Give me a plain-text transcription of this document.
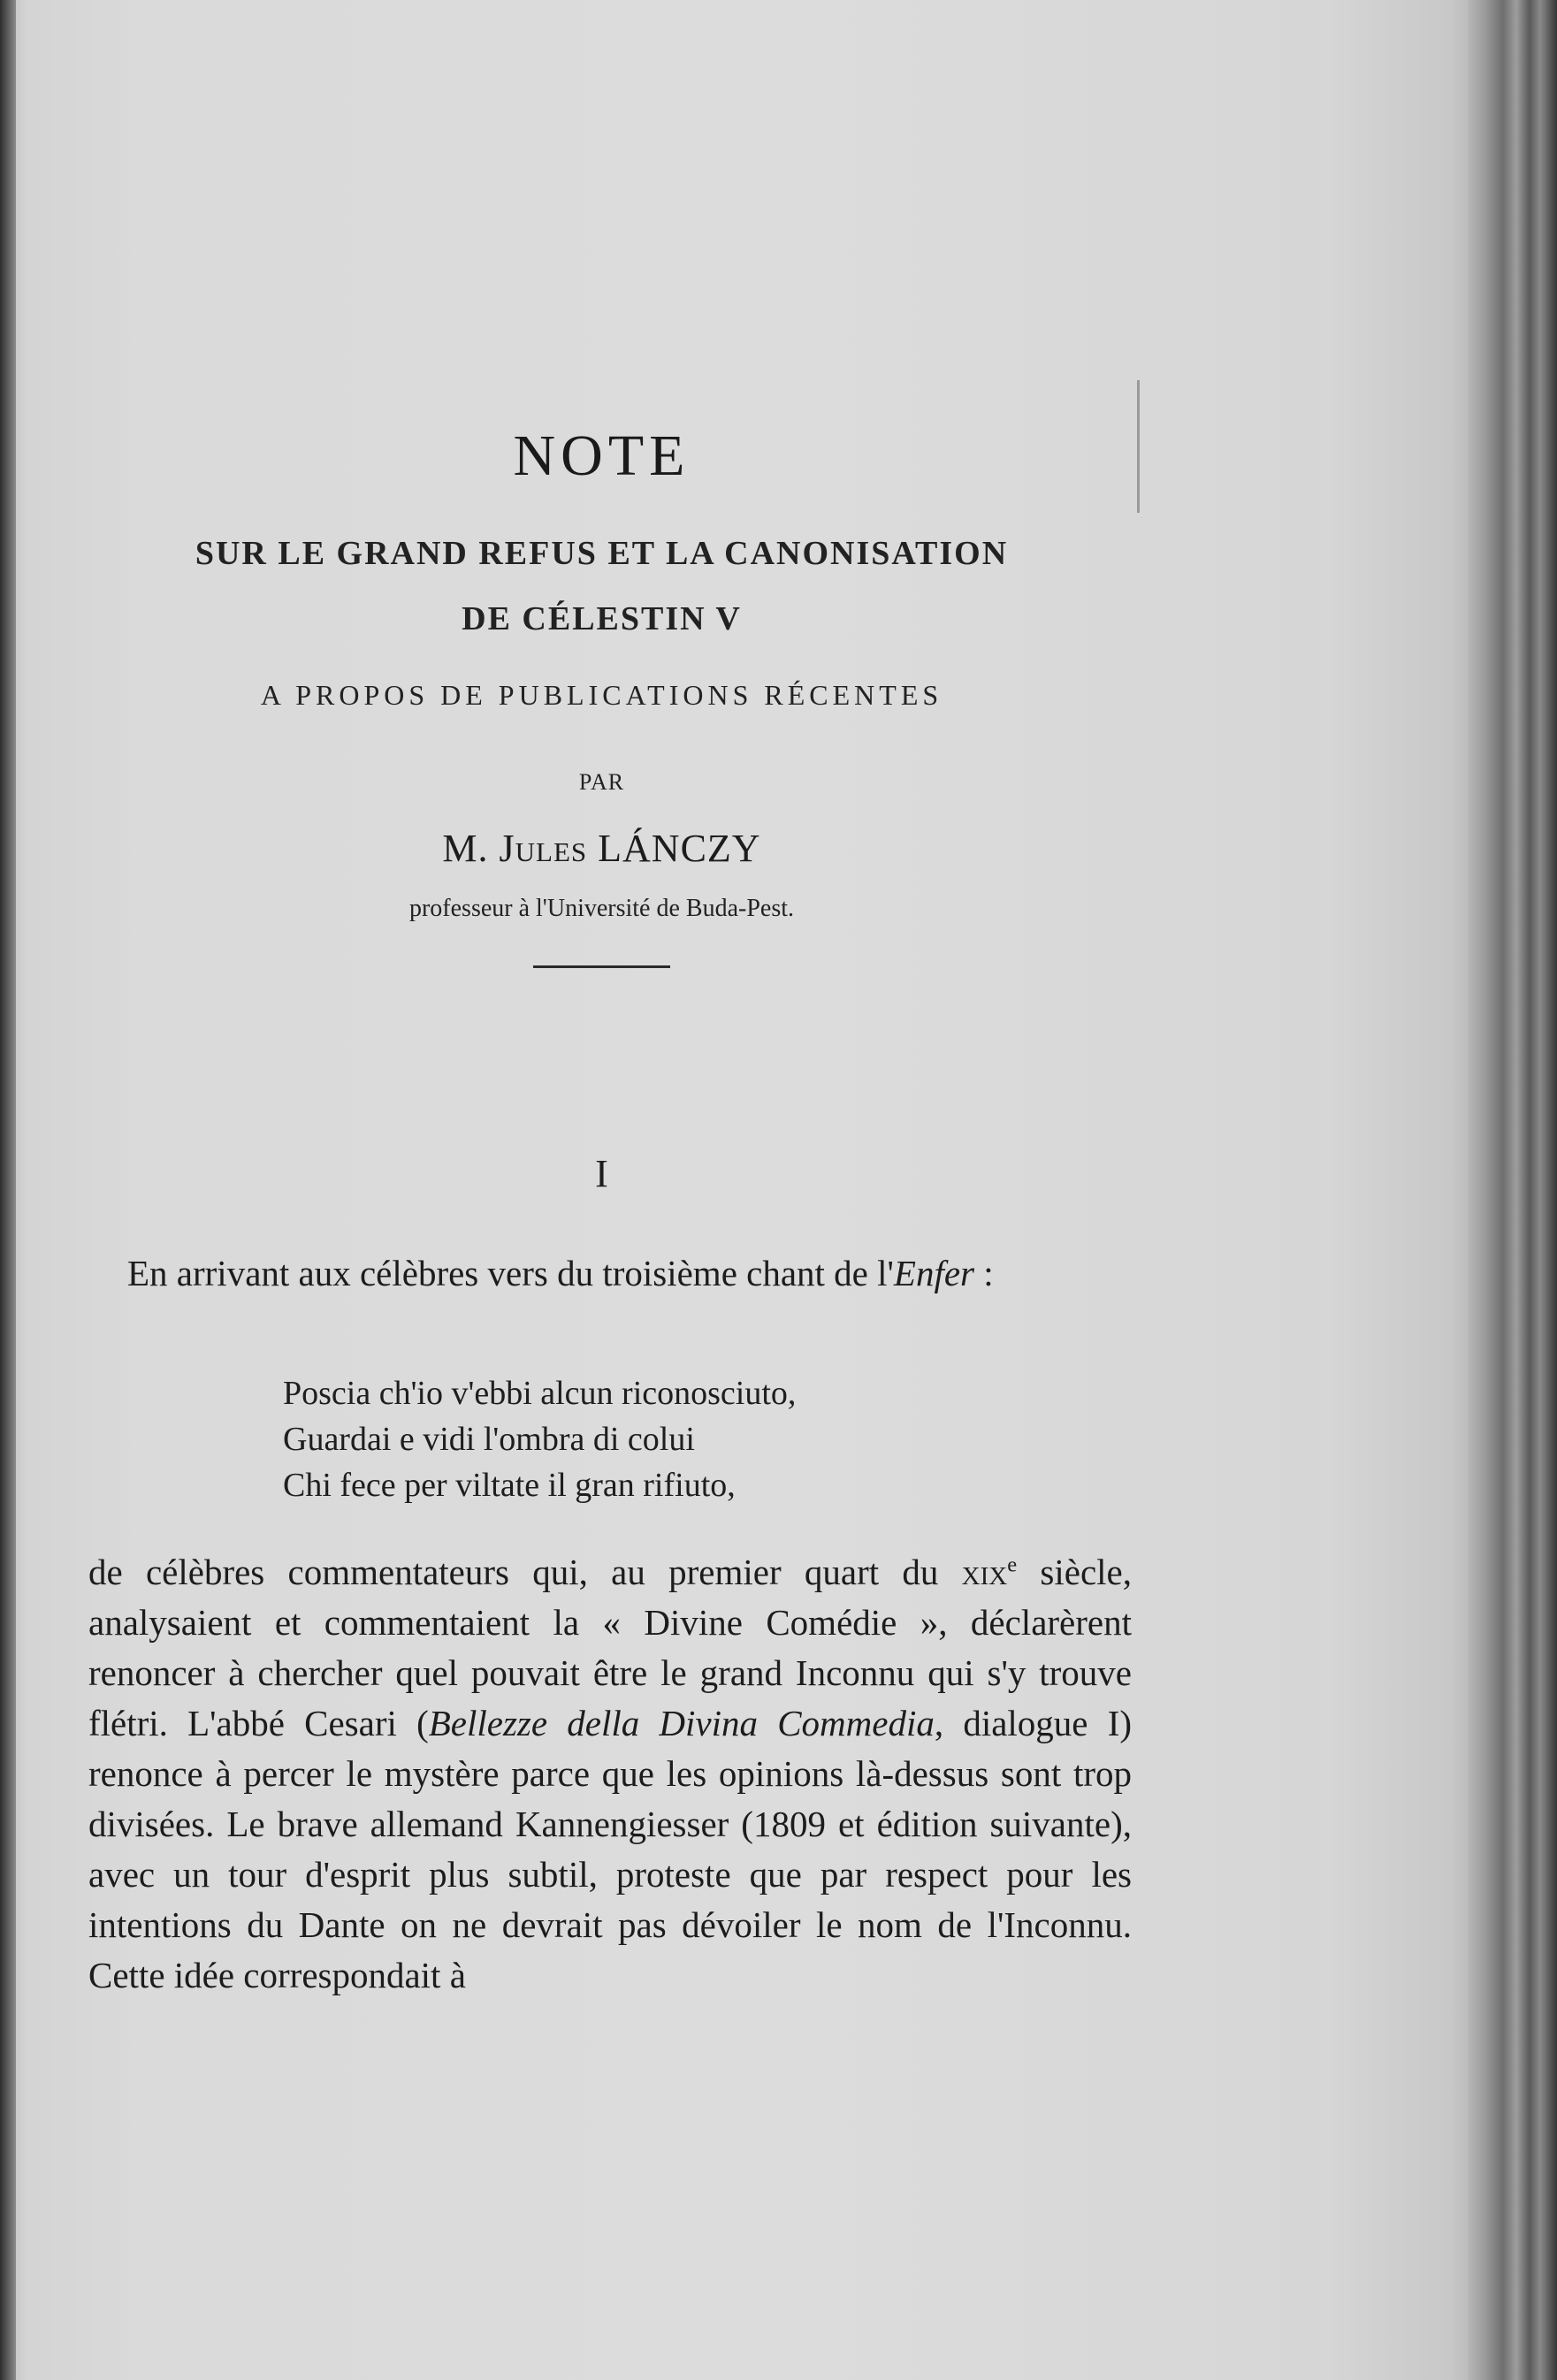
NOTE
SUR LE GRAND REFUS ET LA CANONISATION
DE CÉLESTIN V
A PROPOS DE PUBLICATIONS RÉCENTES
PAR
M. Jules LÁNCZY
professeur à l'Université de Buda-Pest.
I
En arrivant aux célèbres vers du troisième chant de l'Enfer :
Poscia ch'io v'ebbi alcun riconosciuto,
Guardai e vidi l'ombra di colui
Chi fece per viltate il gran rifiuto,
de célèbres commentateurs qui, au premier quart du xix$^e$ siècle, analysaient et commentaient la « Divine Comédie », déclarèrent renoncer à chercher quel pouvait être le grand Inconnu qui s'y trouve flétri. L'abbé Cesari (Bellezze della Divina Commedia, dialogue I) renonce à percer le mystère parce que les opinions là-dessus sont trop divisées. Le brave allemand Kannengiesser (1809 et édition suivante), avec un tour d'esprit plus subtil, proteste que par respect pour les intentions du Dante on ne devrait pas dévoiler le nom de l'Inconnu. Cette idée correspondait à
